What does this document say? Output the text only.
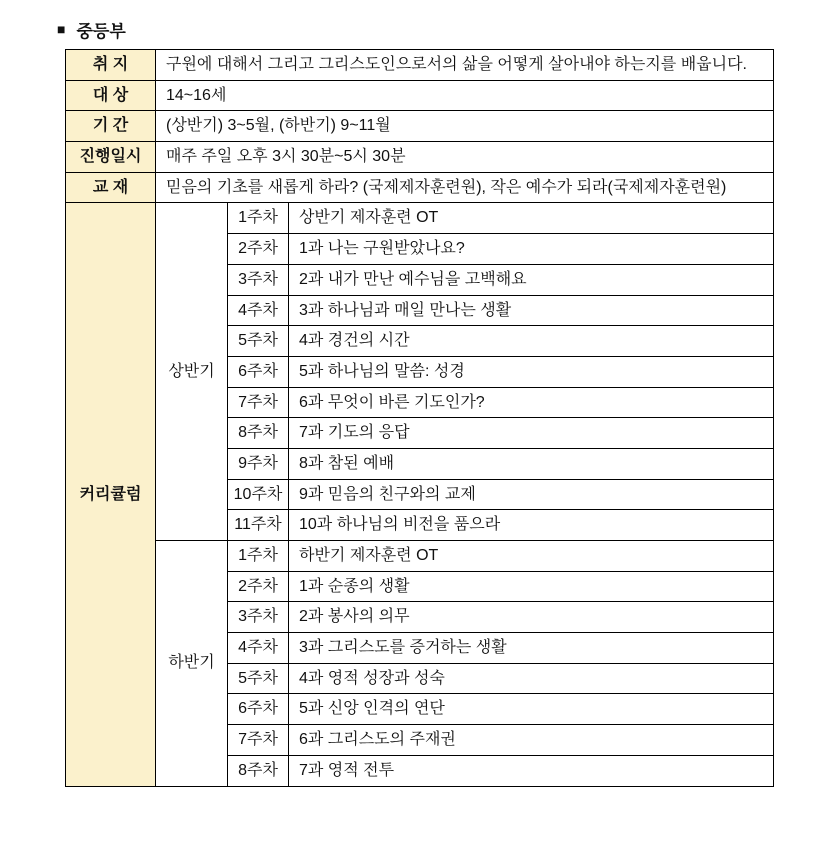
■ 중등부
취 지	구원에 대해서 그리고 그리스도인으로서의 삶을 어떻게 살아내야 하는지를 배웁니다.		
대 상	14~16세		
기 간	(상반기) 3~5월, (하반기) 9~11월		
진행일시	매주 주일 오후 3시 30분~5시 30분		
교 재	믿음의 기초를 새롭게 하라? (국제제자훈련원), 작은 예수가 되라(국제제자훈련원)		
커리큘럼	상반기	1주차	상반기 제자훈련 OT
		2주차	1과 나는 구원받았나요?
		3주차	2과 내가 만난 예수님을 고백해요
		4주차	3과 하나님과 매일 만나는 생활
		5주차	4과 경건의 시간
		6주차	5과 하나님의 말씀: 성경
		7주차	6과 무엇이 바른 기도인가?
		8주차	7과 기도의 응답
		9주차	8과 참된 예배
		10주차	9과 믿음의 친구와의 교제
		11주차	10과 하나님의 비전을 품으라
	하반기	1주차	하반기 제자훈련 OT
		2주차	1과 순종의 생활
		3주차	2과 봉사의 의무
		4주차	3과 그리스도를 증거하는 생활
		5주차	4과 영적 성장과 성숙
		6주차	5과 신앙 인격의 연단
		7주차	6과 그리스도의 주재권
		8주차	7과 영적 전투
